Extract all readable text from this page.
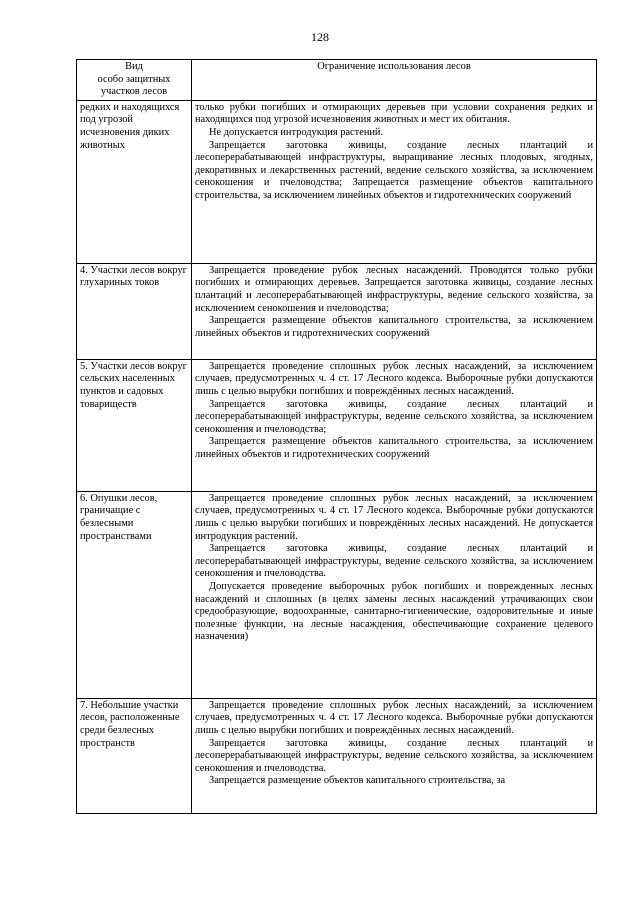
128
Вид
особо защитных
участков лесов	Ограничение использования лесов
редких и находящихся под угрозой исчезновения диких животных	только рубки погибших и отмирающих деревьев при условии сохранения редких и находящихся под угрозой исчезновения животных и мест их обитания.

Не допускается интродукция растений.

Запрещается заготовка живицы, создание лесных плантаций и лесоперерабатывающей инфраструктуры, выращивание лесных плодовых, ягодных, декоративных и лекарственных растений, ведение сельского хозяйства, за исключением сенокошения и пчеловодства; Запрещается размещение объектов капитального строительства, за исключением линейных объектов и гидротехнических сооружений

4. Участки лесов вокруг глухариных токов	Запрещается проведение рубок лесных насаждений. Проводятся только рубки погибших и отмирающих деревьев. Запрещается заготовка живицы, создание лесных плантаций и лесоперерабатывающей инфраструктуры, ведение сельского хозяйства, за исключением сенокошения и пчеловодства;

Запрещается размещение объектов капитального строительства, за исключением линейных объектов и гидротехнических сооружений

5. Участки лесов вокруг сельских населенных пунктов и садовых товариществ	Запрещается проведение сплошных рубок лесных насаждений, за исключением случаев, предусмотренных ч. 4 ст. 17 Лесного кодекса. Выборочные рубки допускаются лишь с целью вырубки погибших и повреждённых лесных насаждений.

Запрещается заготовка живицы, создание лесных плантаций и лесоперерабатывающей инфраструктуры, ведение сельского хозяйства, за исключением сенокошения и пчеловодства;

Запрещается размещение объектов капитального строительства, за исключением линейных объектов и гидротехнических сооружений

6. Опушки лесов, граничащие с безлесными пространствами	Запрещается проведение сплошных рубок лесных насаждений, за исключением случаев, предусмотренных ч. 4 ст. 17 Лесного кодекса. Выборочные рубки допускаются лишь с целью вырубки погибших и повреждённых лесных насаждений. Не допускается интродукция растений.

Запрещается заготовка живицы, создание лесных плантаций и лесоперерабатывающей инфраструктуры, ведение сельского хозяйства, за исключением сенокошения и пчеловодства.

Допускается проведение выборочных рубок погибших и поврежденных лесных насаждений и сплошных (в целях замены лесных насаждений утрачивающих свои средообразующие, водоохранные, санитарно-гигиенические, оздоровительные и иные полезные функции, на лесные насаждения, обеспечивающие сохранение целевого назначения)

7. Небольшие участки лесов, расположенные среди безлесных пространств	Запрещается проведение сплошных рубок лесных насаждений, за исключением случаев, предусмотренных ч. 4 ст. 17 Лесного кодекса. Выборочные рубки допускаются лишь с целью вырубки погибших и повреждённых лесных насаждений.

Запрещается заготовка живицы, создание лесных плантаций и лесоперерабатывающей инфраструктуры, ведение сельского хозяйства, за исключением сенокошения и пчеловодства.

Запрещается размещение объектов капитального строительства, за
